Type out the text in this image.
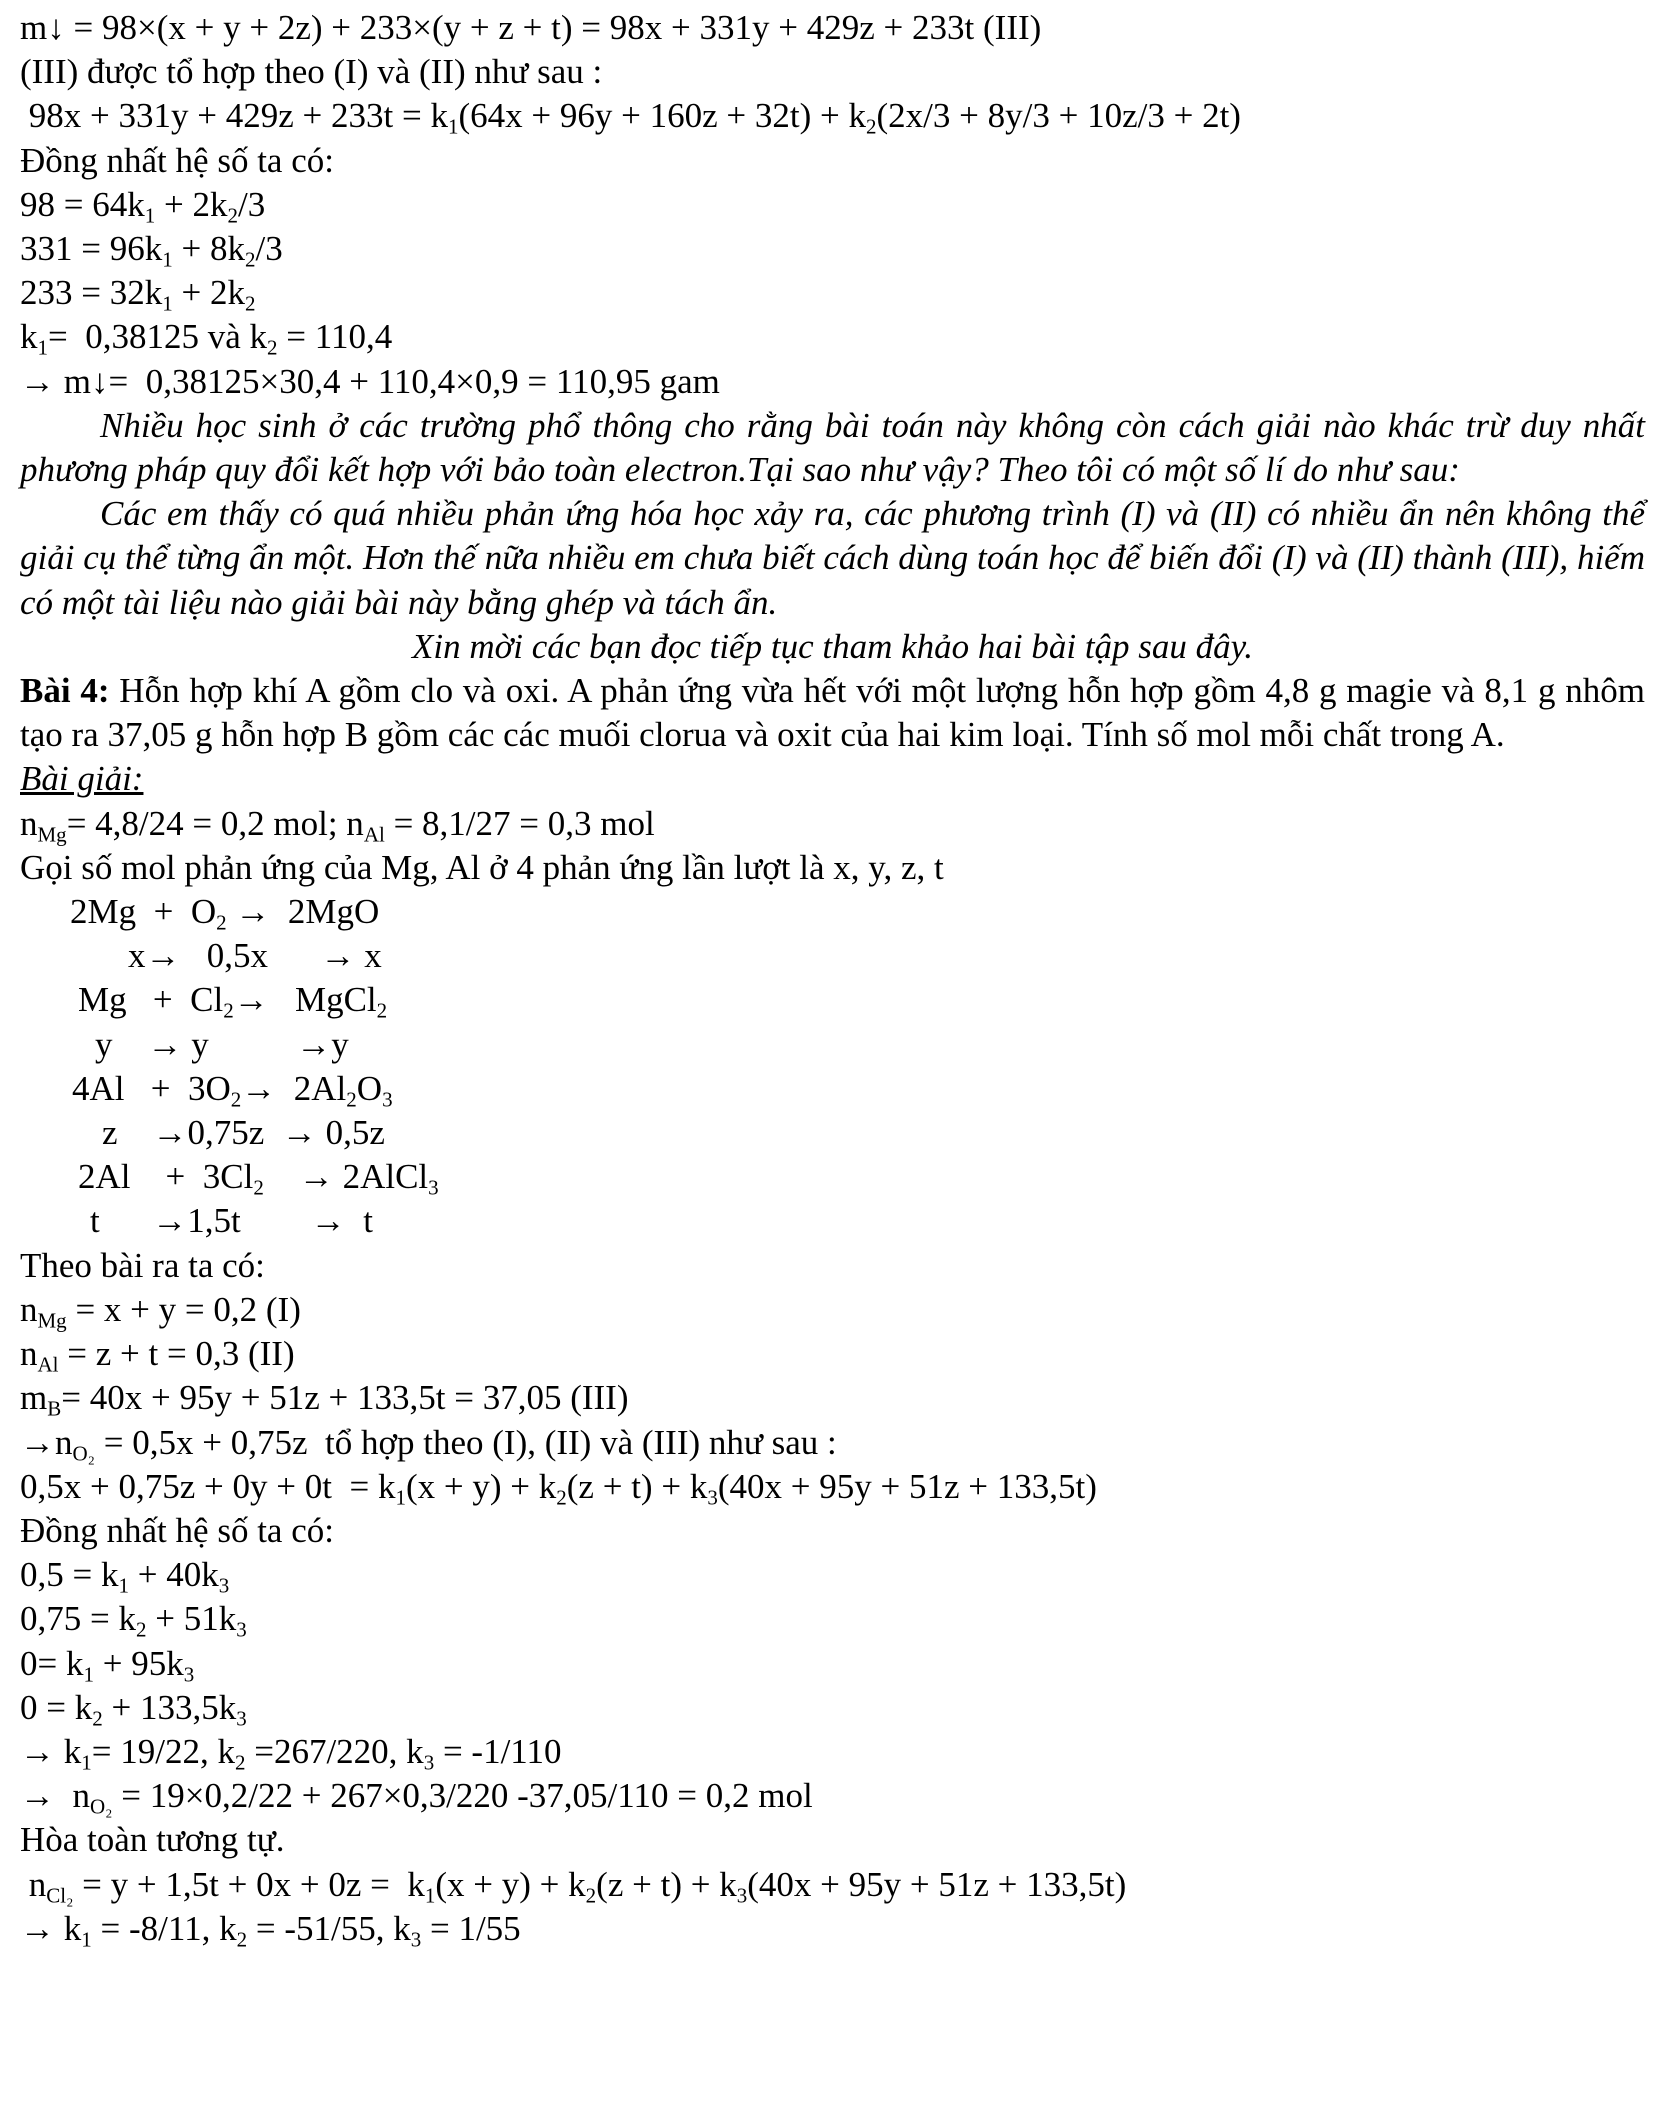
m↓ = 98×(x + y + 2z) + 233×(y + z + t) = 98x + 331y + 429z + 233t (III)
(III) được tổ hợp theo (I) và (II) như sau :
$98x + 331y + 429z + 233t = k_1(64x + 96y + 160z + 32t) + k_2(2x/3 + 8y/3 + 10z/3 + 2t)$
Đồng nhất hệ số ta có:
$98 = 64k_1 + 2k_2/3$
$331 = 96k_1 + 8k_2/3$
$233 = 32k_1 + 2k_2$
$k_1= 0,38125$ và $k_2 = 110,4$
→ m↓=  0,38125×30,4 + 110,4×0,9 = 110,95 gam
Nhiều học sinh ở các trường phổ thông cho rằng bài toán này không còn cách giải nào khác trừ duy nhất phương pháp quy đổi kết hợp với bảo toàn electron.Tại sao như vậy? Theo tôi có một số lí do như sau:
Các em thấy có quá nhiều phản ứng hóa học xảy ra, các phương trình (I) và (II) có nhiều ẩn nên không thể giải cụ thể từng ẩn một. Hơn thế nữa nhiều em chưa biết cách dùng toán học để biến đổi (I) và (II) thành (III), hiếm có một tài liệu nào giải bài này bằng ghép và tách ẩn.
Xin mời các bạn đọc tiếp tục tham khảo hai bài tập sau đây.
Bài 4: Hỗn hợp khí A gồm clo và oxi. A phản ứng vừa hết với một lượng hỗn hợp gồm 4,8 g magie và 8,1 g nhôm tạo ra 37,05 g hỗn hợp B gồm các các muối clorua và oxit của hai kim loại. Tính số mol mỗi chất trong A.
Bài giải:
$n_{Mg}= 4,8/24 = 0,2$ mol; $n_{Al} = 8,1/27 = 0,3$ mol
Gọi số mol phản ứng của Mg, Al ở 4 phản ứng lần lượt là x, y, z, t
$2Mg + O_2 \to 2MgO$
x→ 0,5x → x
$Mg + Cl_2\to$ MgCl$_2$
y → y	→y
$4Al + 3O_2\to 2Al_2O_3$
z →0,75z → 0,5z
$2Al + 3Cl_2$ → 2AlCl$_3$
t →1,5t →  t
Theo bài ra ta có:
$n_{Mg} = x + y = 0,2$ (I)
$n_{Al} = z + t = 0,3$ (II)
$m_B= 40x + 95y + 51z + 133,5t = 37,05$ (III)
$\to n_{O_2} = 0,5x + 0,75z$  tổ hợp theo (I), (II) và (III) như sau :
$0,5x + 0,75z + 0y + 0t = k_1(x + y) + k_2(z + t) + k_3(40x + 95y + 51z + 133,5t)$
Đồng nhất hệ số ta có:
$0,5 = k_1 + 40k_3$
$0,75 = k_2 + 51k_3$
$0= k_1 + 95k_3$
$0 = k_2 + 133,5k_3$
→ $k_1= 19/22$, $k_2 =267/220$, $k_3 = -1/110$
→  $n_{O_2} = 19\times 0,2/22 + 267\times 0,3/220$ -37,05/110 = 0,2 mol
Hòa toàn tương tự.
$n_{Cl_2} = y + 1,5t + 0x + 0z = k_1(x + y) + k_2(z + t) + k_3(40x + 95y + 51z + 133,5t)$
→ $k_1 = -8/11$, $k_2 = -51/55$, $k_3 = 1/55$
